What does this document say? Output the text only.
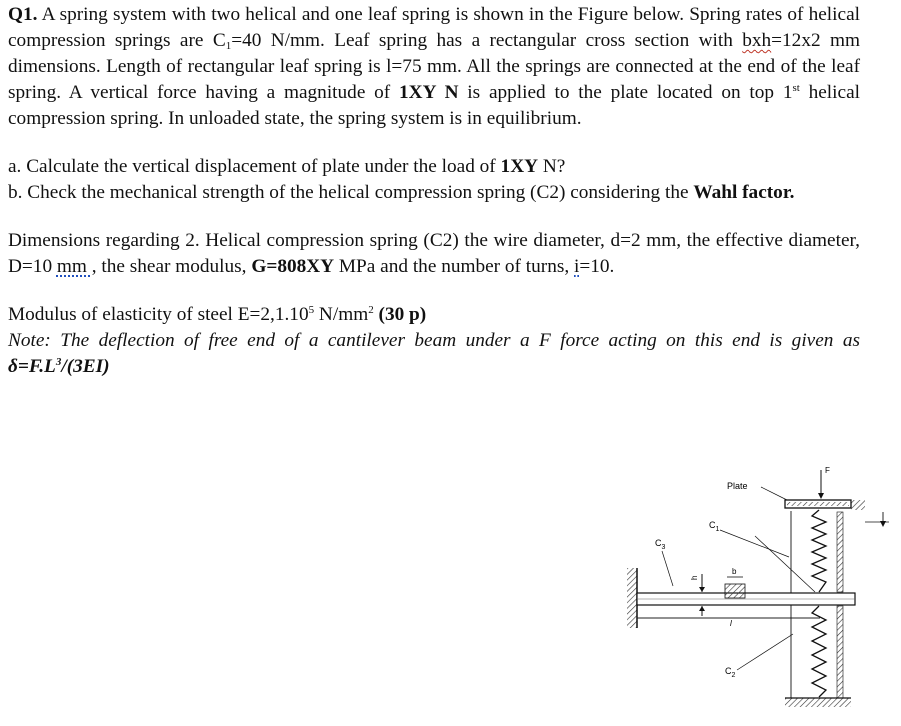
Q1. A spring system with two helical and one leaf spring is shown in the Figure below. Spring rates of helical compression springs are $C_1=40$ N/mm. Leaf spring has a rectangular cross section with bxh=12x2 mm dimensions. Length of rectangular leaf spring is l=75 mm. All the springs are connected at the end of the leaf spring. A vertical force having a magnitude of 1XY N is applied to the plate located on top 1st helical compression spring. In unloaded state, the spring system is in equilibrium.

a. Calculate the vertical displacement of plate under the load of 1XY N?

b. Check the mechanical strength of the helical compression spring (C2) considering the Wahl factor.

Dimensions regarding 2. Helical compression spring (C2) the wire diameter, d=2 mm, the effective diameter, D=10 mm , the shear modulus, G=808XY MPa and the number of turns, i=10.

Modulus of elasticity of steel $E=2,1.10^5$ $N/mm^2$ (30 p)

Note: The deflection of free end of a cantilever beam under a F force acting on this end is given as $\delta=F.L^3/(3EI)$

h
b
l
$C_3$
$C_1$
$C_2$
Plate
F
